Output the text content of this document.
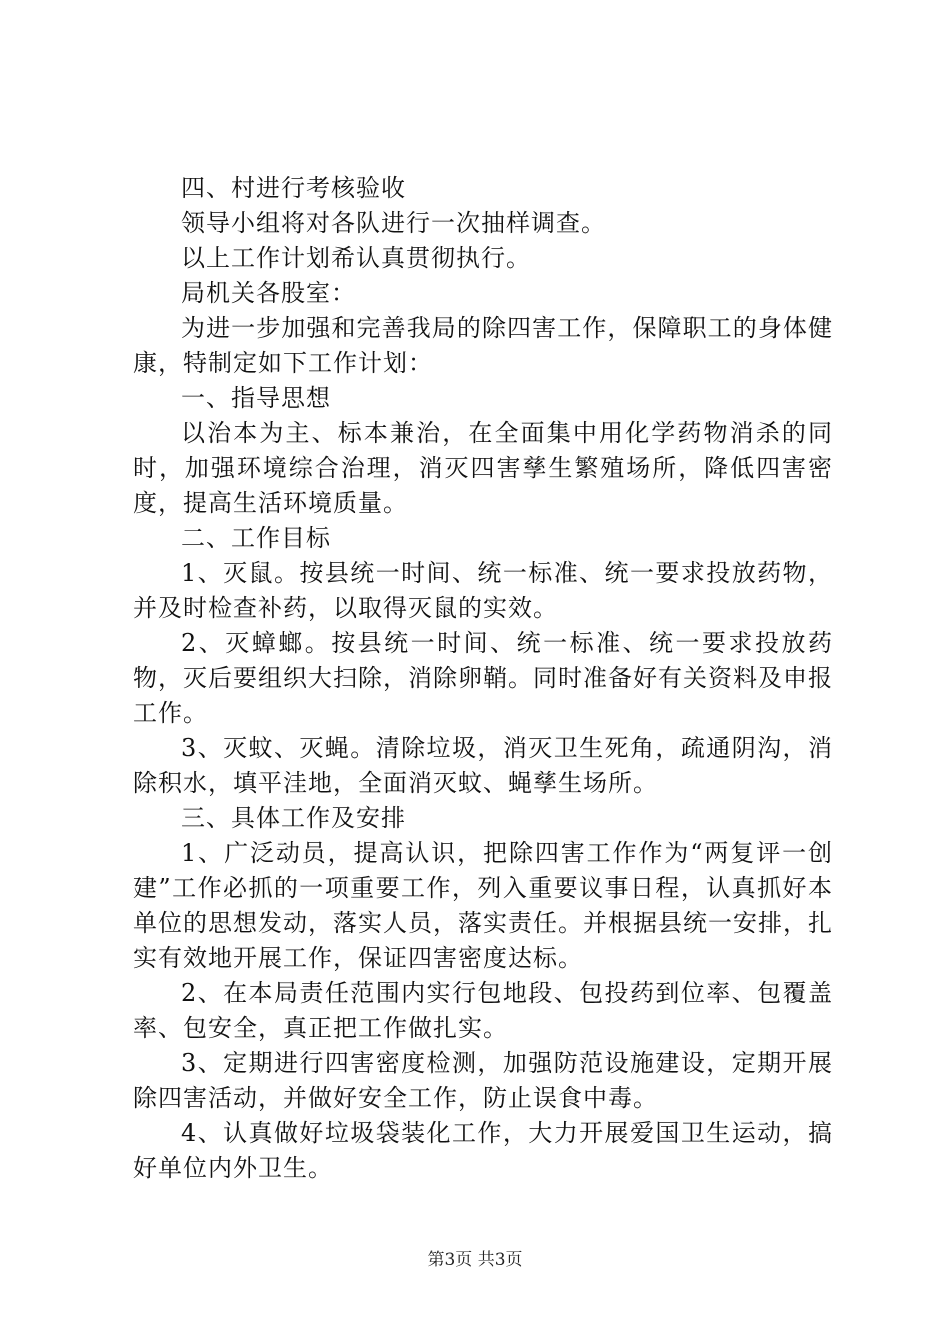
四、村进行考核验收

领导小组将对各队进行一次抽样调查。

以上工作计划希认真贯彻执行。

局机关各股室：

为进一步加强和完善我局的除四害工作，保障职工的身体健康，特制定如下工作计划：

一、指导思想

以治本为主、标本兼治，在全面集中用化学药物消杀的同时，加强环境综合治理，消灭四害孳生繁殖场所，降低四害密度，提高生活环境质量。

二、工作目标

1、灭鼠。按县统一时间、统一标准、统一要求投放药物，并及时检查补药，以取得灭鼠的实效。

2、灭蟑螂。按县统一时间、统一标准、统一要求投放药物，灭后要组织大扫除，消除卵鞘。同时准备好有关资料及申报工作。

3、灭蚊、灭蝇。清除垃圾，消灭卫生死角，疏通阴沟，消除积水，填平洼地，全面消灭蚊、蝇孳生场所。

三、具体工作及安排

1、广泛动员，提高认识，把除四害工作作为“两复评一创建”工作必抓的一项重要工作，列入重要议事日程，认真抓好本单位的思想发动，落实人员，落实责任。并根据县统一安排，扎实有效地开展工作，保证四害密度达标。

2、在本局责任范围内实行包地段、包投药到位率、包覆盖率、包安全，真正把工作做扎实。

3、定期进行四害密度检测，加强防范设施建设，定期开展除四害活动，并做好安全工作，防止误食中毒。

4、认真做好垃圾袋装化工作，大力开展爱国卫生运动，搞好单位内外卫生。

第3页 共3页
